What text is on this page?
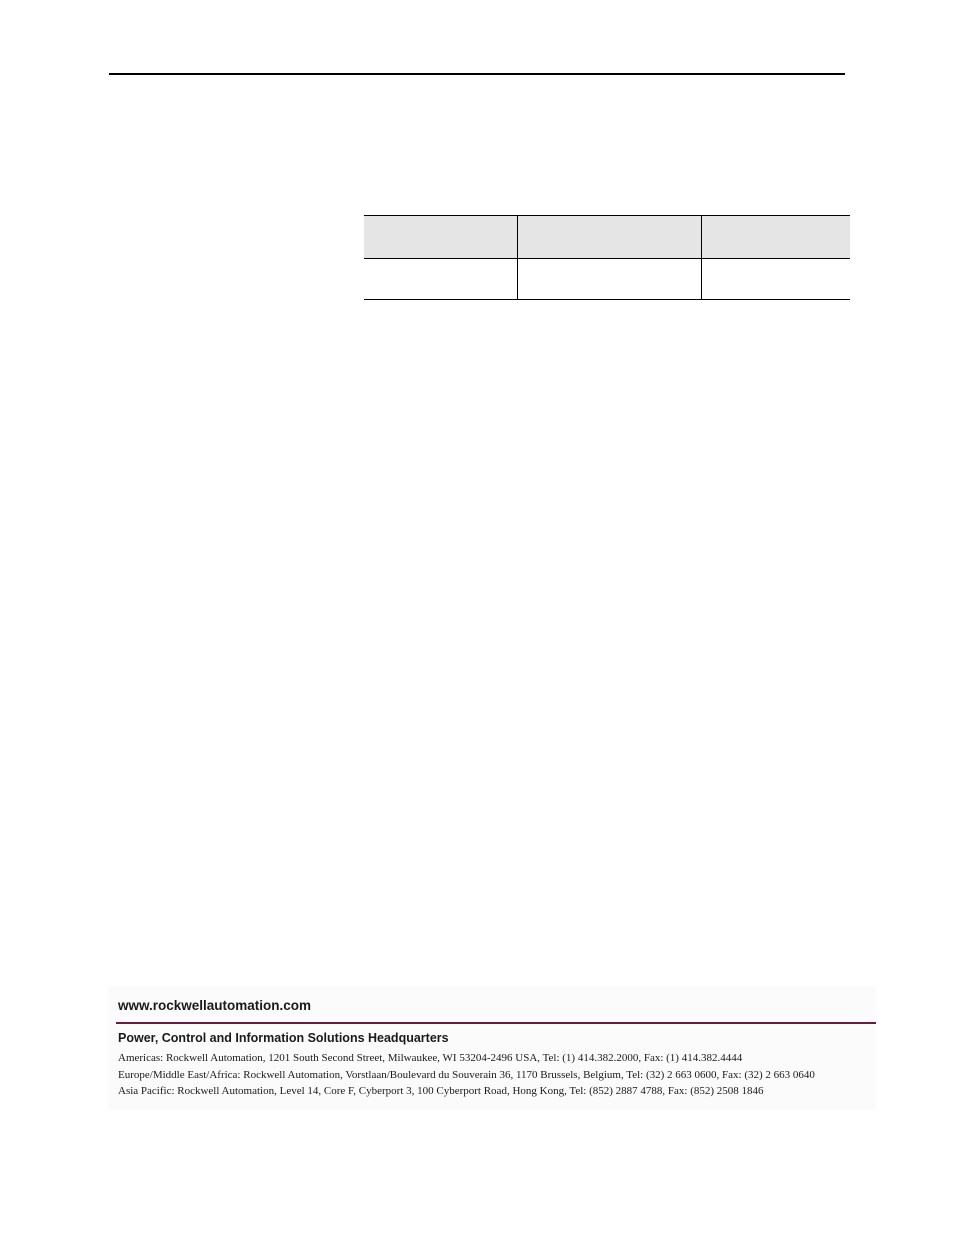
www.rockwellautomation.com
Power, Control and Information Solutions Headquarters
Americas: Rockwell Automation, 1201 South Second Street, Milwaukee, WI 53204-2496 USA, Tel: (1) 414.382.2000, Fax: (1) 414.382.4444
Europe/Middle East/Africa: Rockwell Automation, Vorstlaan/Boulevard du Souverain 36, 1170 Brussels, Belgium, Tel: (32) 2 663 0600, Fax: (32) 2 663 0640
Asia Pacific: Rockwell Automation, Level 14, Core F, Cyberport 3, 100 Cyberport Road, Hong Kong, Tel: (852) 2887 4788, Fax: (852) 2508 1846
